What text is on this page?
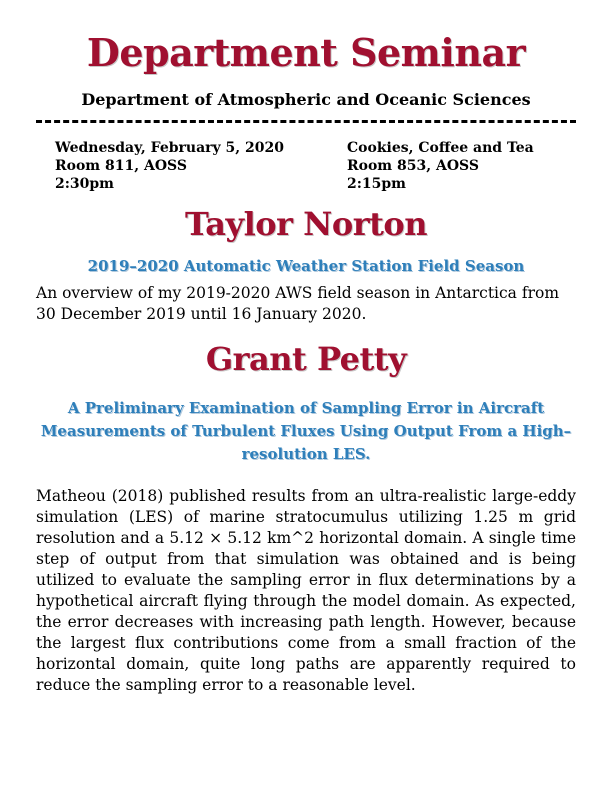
Department Seminar

Department of Atmospheric and Oceanic Sciences

Wednesday, February 5, 2020
Room 811, AOSS
2:30pm
Cookies, Coffee and Tea
Room 853, AOSS
2:15pm
Taylor Norton
2019–2020 Automatic Weather Station Field Season

An overview of my 2019-2020 AWS field season in Antarctica from 30 December 2019 until 16 January 2020.

Grant Petty
A Preliminary Examination of Sampling Error in Aircraft Measurements of Turbulent Fluxes Using Output From a High–resolution LES.

Matheou (2018) published results from an ultra-realistic large-eddy simulation (LES) of marine stratocumulus utilizing 1.25 m grid resolution and a 5.12 × 5.12 km^2 horizontal domain. A single time step of output from that simulation was obtained and is being utilized to evaluate the sampling error in flux determinations by a hypothetical aircraft flying through the model domain. As expected, the error decreases with increasing path length. However, because the largest flux contributions come from a small fraction of the horizontal domain, quite long paths are apparently required to reduce the sampling error to a reasonable level.
